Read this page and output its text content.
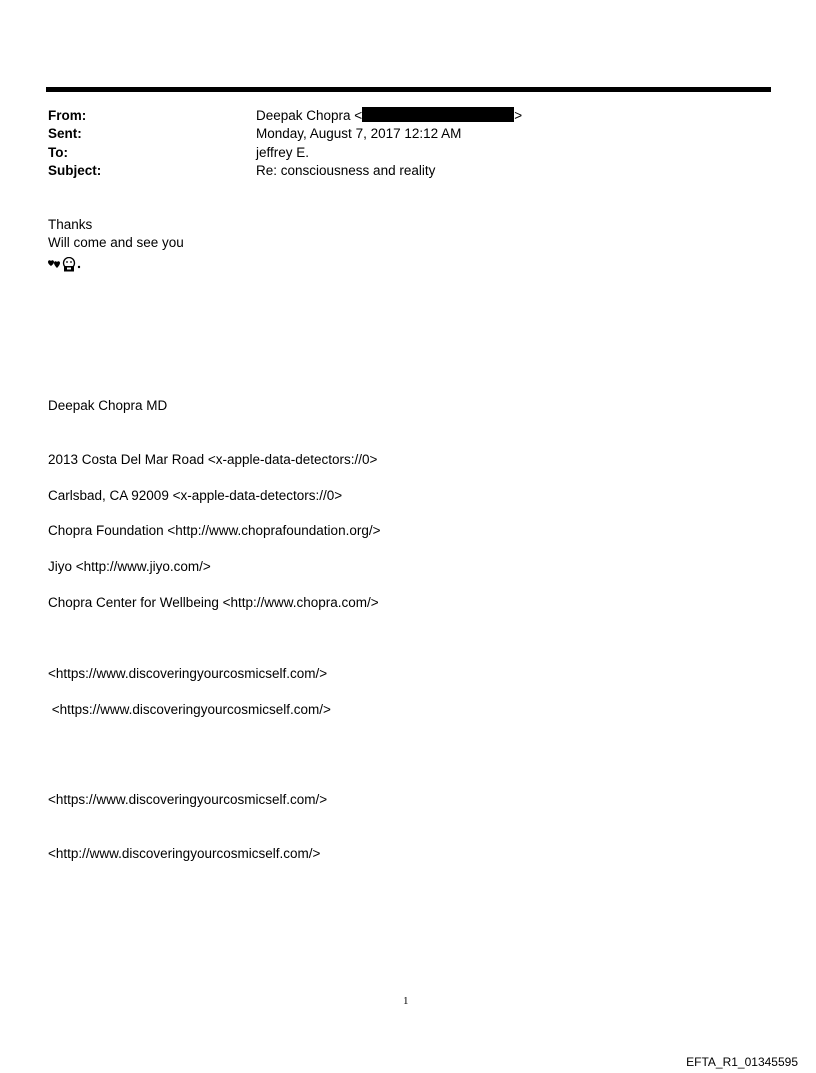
From:	Deepak Chopra <	>
Sent:	Monday, August 7, 2017 12:12 AM
To:	jeffrey E.
Subject:	Re: consciousness and reality
Thanks
Will come and see you
Deepak Chopra MD
2013 Costa Del Mar Road <x-apple-data-detectors://0>
Carlsbad, CA 92009 <x-apple-data-detectors://0>
Chopra Foundation <http://www.choprafoundation.org/>
Jiyo <http://www.jiyo.com/>
Chopra Center for Wellbeing <http://www.chopra.com/>
<https://www.discoveringyourcosmicself.com/>
<https://www.discoveringyourcosmicself.com/>
<https://www.discoveringyourcosmicself.com/>
<http://www.discoveringyourcosmicself.com/>
1
EFTA_R1_01345595
